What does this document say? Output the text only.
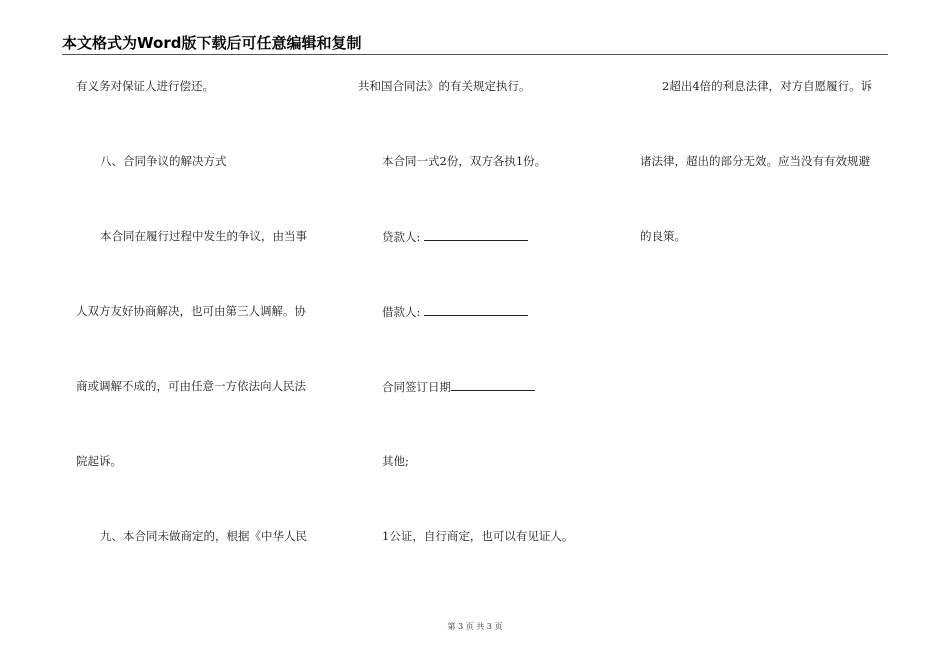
本文格式为Word版下载后可任意编辑和复制
有义务对保证人进行偿还。
八、合同争议的解决方式
本合同在履行过程中发生的争议，由当事
人双方友好协商解决，也可由第三人调解。协
商或调解不成的，可由任意一方依法向人民法
院起诉。
九、本合同未做商定的，根据《中华人民
共和国合同法》的有关规定执行。
本合同一式2份，双方各执1份。
贷款人:
借款人:
合同签订日期
其他;
1公证，自行商定，也可以有见证人。
2超出4倍的利息法律，对方自愿履行。诉
诸法律，超出的部分无效。应当没有有效规避
的良策。
第 3 页 共 3 页
